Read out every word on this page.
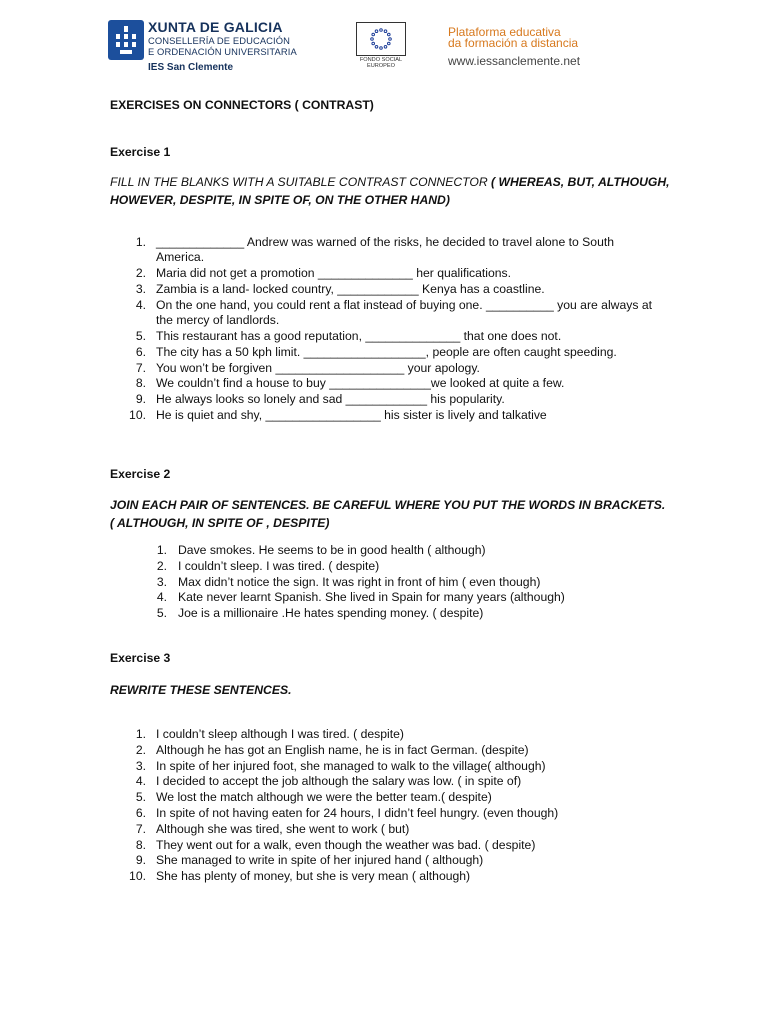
XUNTA DE GALICIA
CONSELLERÍA DE EDUCACIÓN
E ORDENACIÓN UNIVERSITARIA
IES San Clemente
FONDO SOCIAL
EUROPEO
Plataforma educativa
da formación a distancia
www.iessanclemente.net
EXERCISES ON CONNECTORS ( CONTRAST)
Exercise 1
FILL IN THE BLANKS WITH A SUITABLE CONTRAST CONNECTOR ( WHEREAS, BUT, ALTHOUGH, HOWEVER, DESPITE, IN SPITE OF, ON THE OTHER HAND)
1. _____________ Andrew was warned of the risks, he decided to travel alone to South America.
2. Maria did not get a promotion ______________ her qualifications.
3. Zambia is a land- locked country, ____________ Kenya has a coastline.
4. On the one hand, you could rent a flat instead of buying one. __________ you are always at the mercy of landlords.
5. This restaurant has a good reputation, ______________ that one does not.
6. The city has a 50 kph limit. __________________, people are often caught speeding.
7. You won’t be forgiven ___________________ your apology.
8. We couldn’t find a house to buy _______________we looked at quite a few.
9. He always looks so lonely and sad ____________ his popularity.
10. He is quiet and shy, _________________ his sister is lively and talkative
Exercise 2
JOIN EACH PAIR OF SENTENCES. BE CAREFUL WHERE YOU PUT THE WORDS IN BRACKETS. ( ALTHOUGH, IN SPITE OF , DESPITE)
1. Dave smokes. He seems to be in good health ( although)
2. I couldn’t sleep. I was tired. ( despite)
3. Max didn’t notice the sign. It was right in front of him ( even though)
4. Kate never learnt Spanish. She lived in Spain for many years (although)
5. Joe is a millionaire .He hates spending money. ( despite)
Exercise 3
REWRITE THESE SENTENCES.
1. I couldn’t sleep although I was tired. ( despite)
2. Although he has got an English name, he is in fact German. (despite)
3. In spite of her injured foot, she managed to walk to the village( although)
4. I decided to accept the job although the salary was low. ( in spite of)
5. We lost the match although we were the better team.( despite)
6. In spite of not having eaten for 24 hours, I didn’t feel hungry. (even though)
7. Although she was tired, she went to work ( but)
8. They went out for a walk, even though the weather was bad. ( despite)
9. She managed to write in spite of her injured hand ( although)
10. She has plenty of money, but she is very mean ( although)
